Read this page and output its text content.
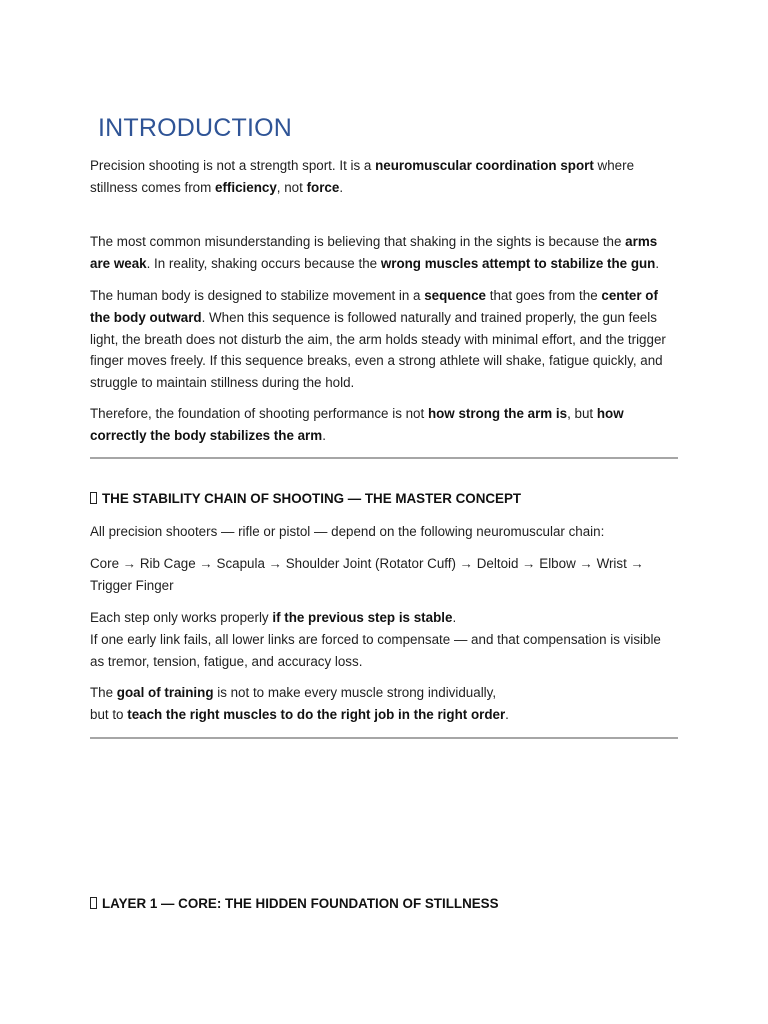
INTRODUCTION

Precision shooting is not a strength sport. It is a neuromuscular coordination sport where stillness comes from efficiency, not force.

The most common misunderstanding is believing that shaking in the sights is because the arms are weak. In reality, shaking occurs because the wrong muscles attempt to stabilize the gun.

The human body is designed to stabilize movement in a sequence that goes from the center of the body outward. When this sequence is followed naturally and trained properly, the gun feels light, the breath does not disturb the aim, the arm holds steady with minimal effort, and the trigger finger moves freely. If this sequence breaks, even a strong athlete will shake, fatigue quickly, and struggle to maintain stillness during the hold.

Therefore, the foundation of shooting performance is not how strong the arm is, but how correctly the body stabilizes the arm.

THE STABILITY CHAIN OF SHOOTING — THE MASTER CONCEPT

All precision shooters — rifle or pistol — depend on the following neuromuscular chain:

Core → Rib Cage → Scapula → Shoulder Joint (Rotator Cuff) → Deltoid → Elbow → Wrist → Trigger Finger

Each step only works properly if the previous step is stable.

If one early link fails, all lower links are forced to compensate — and that compensation is visible as tremor, tension, fatigue, and accuracy loss.

The goal of training is not to make every muscle strong individually,

but to teach the right muscles to do the right job in the right order.

LAYER 1 — CORE: THE HIDDEN FOUNDATION OF STILLNESS
